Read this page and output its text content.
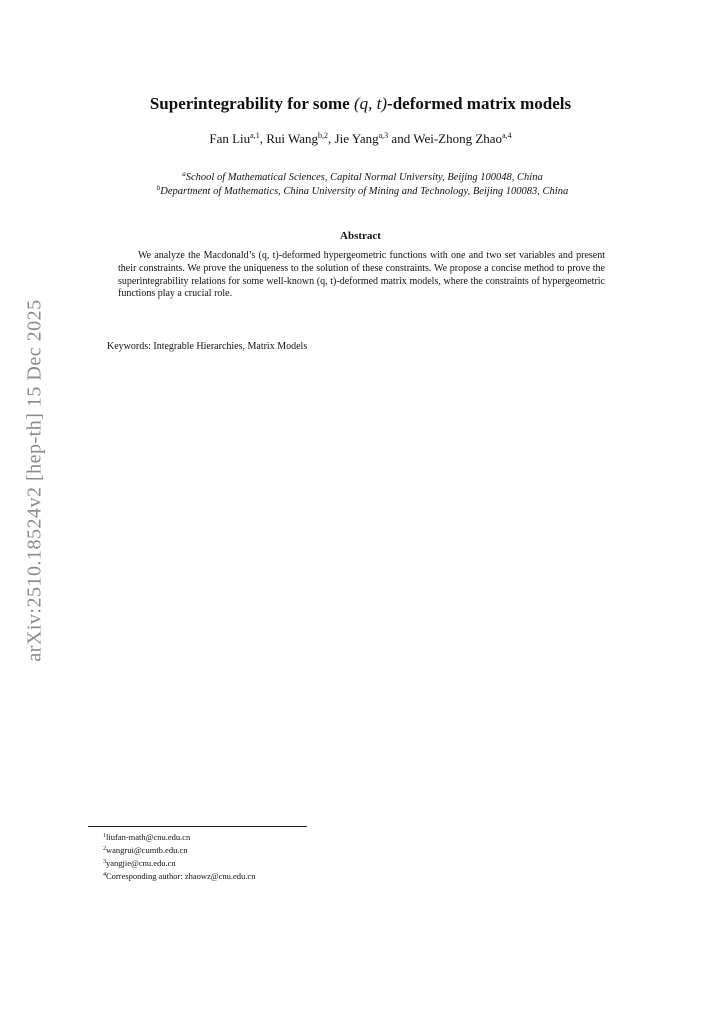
arXiv:2510.18524v2 [hep-th] 15 Dec 2025
Superintegrability for some (q, t)-deformed matrix models
Fan Liu$^{a,1}$, Rui Wang$^{b,2}$, Jie Yang$^{a,3}$ and Wei-Zhong Zhao$^{a,4}$
$^a$School of Mathematical Sciences, Capital Normal University, Beijing 100048, China
$^b$Department of Mathematics, China University of Mining and Technology, Beijing 100083, China
Abstract
We analyze the Macdonald’s (q, t)-deformed hypergeometric functions with one and two set variables and present their constraints. We prove the uniqueness to the solution of these constraints. We propose a concise method to prove the superintegrability relations for some well-known (q, t)-deformed matrix models, where the constraints of hypergeometric functions play a crucial role.
Keywords: Integrable Hierarchies, Matrix Models
$^1$liufan-math@cnu.edu.cn
$^2$wangrui@cumtb.edu.cn
$^3$yangjie@cnu.edu.cn
$^4$Corresponding author: zhaowz@cnu.edu.cn
